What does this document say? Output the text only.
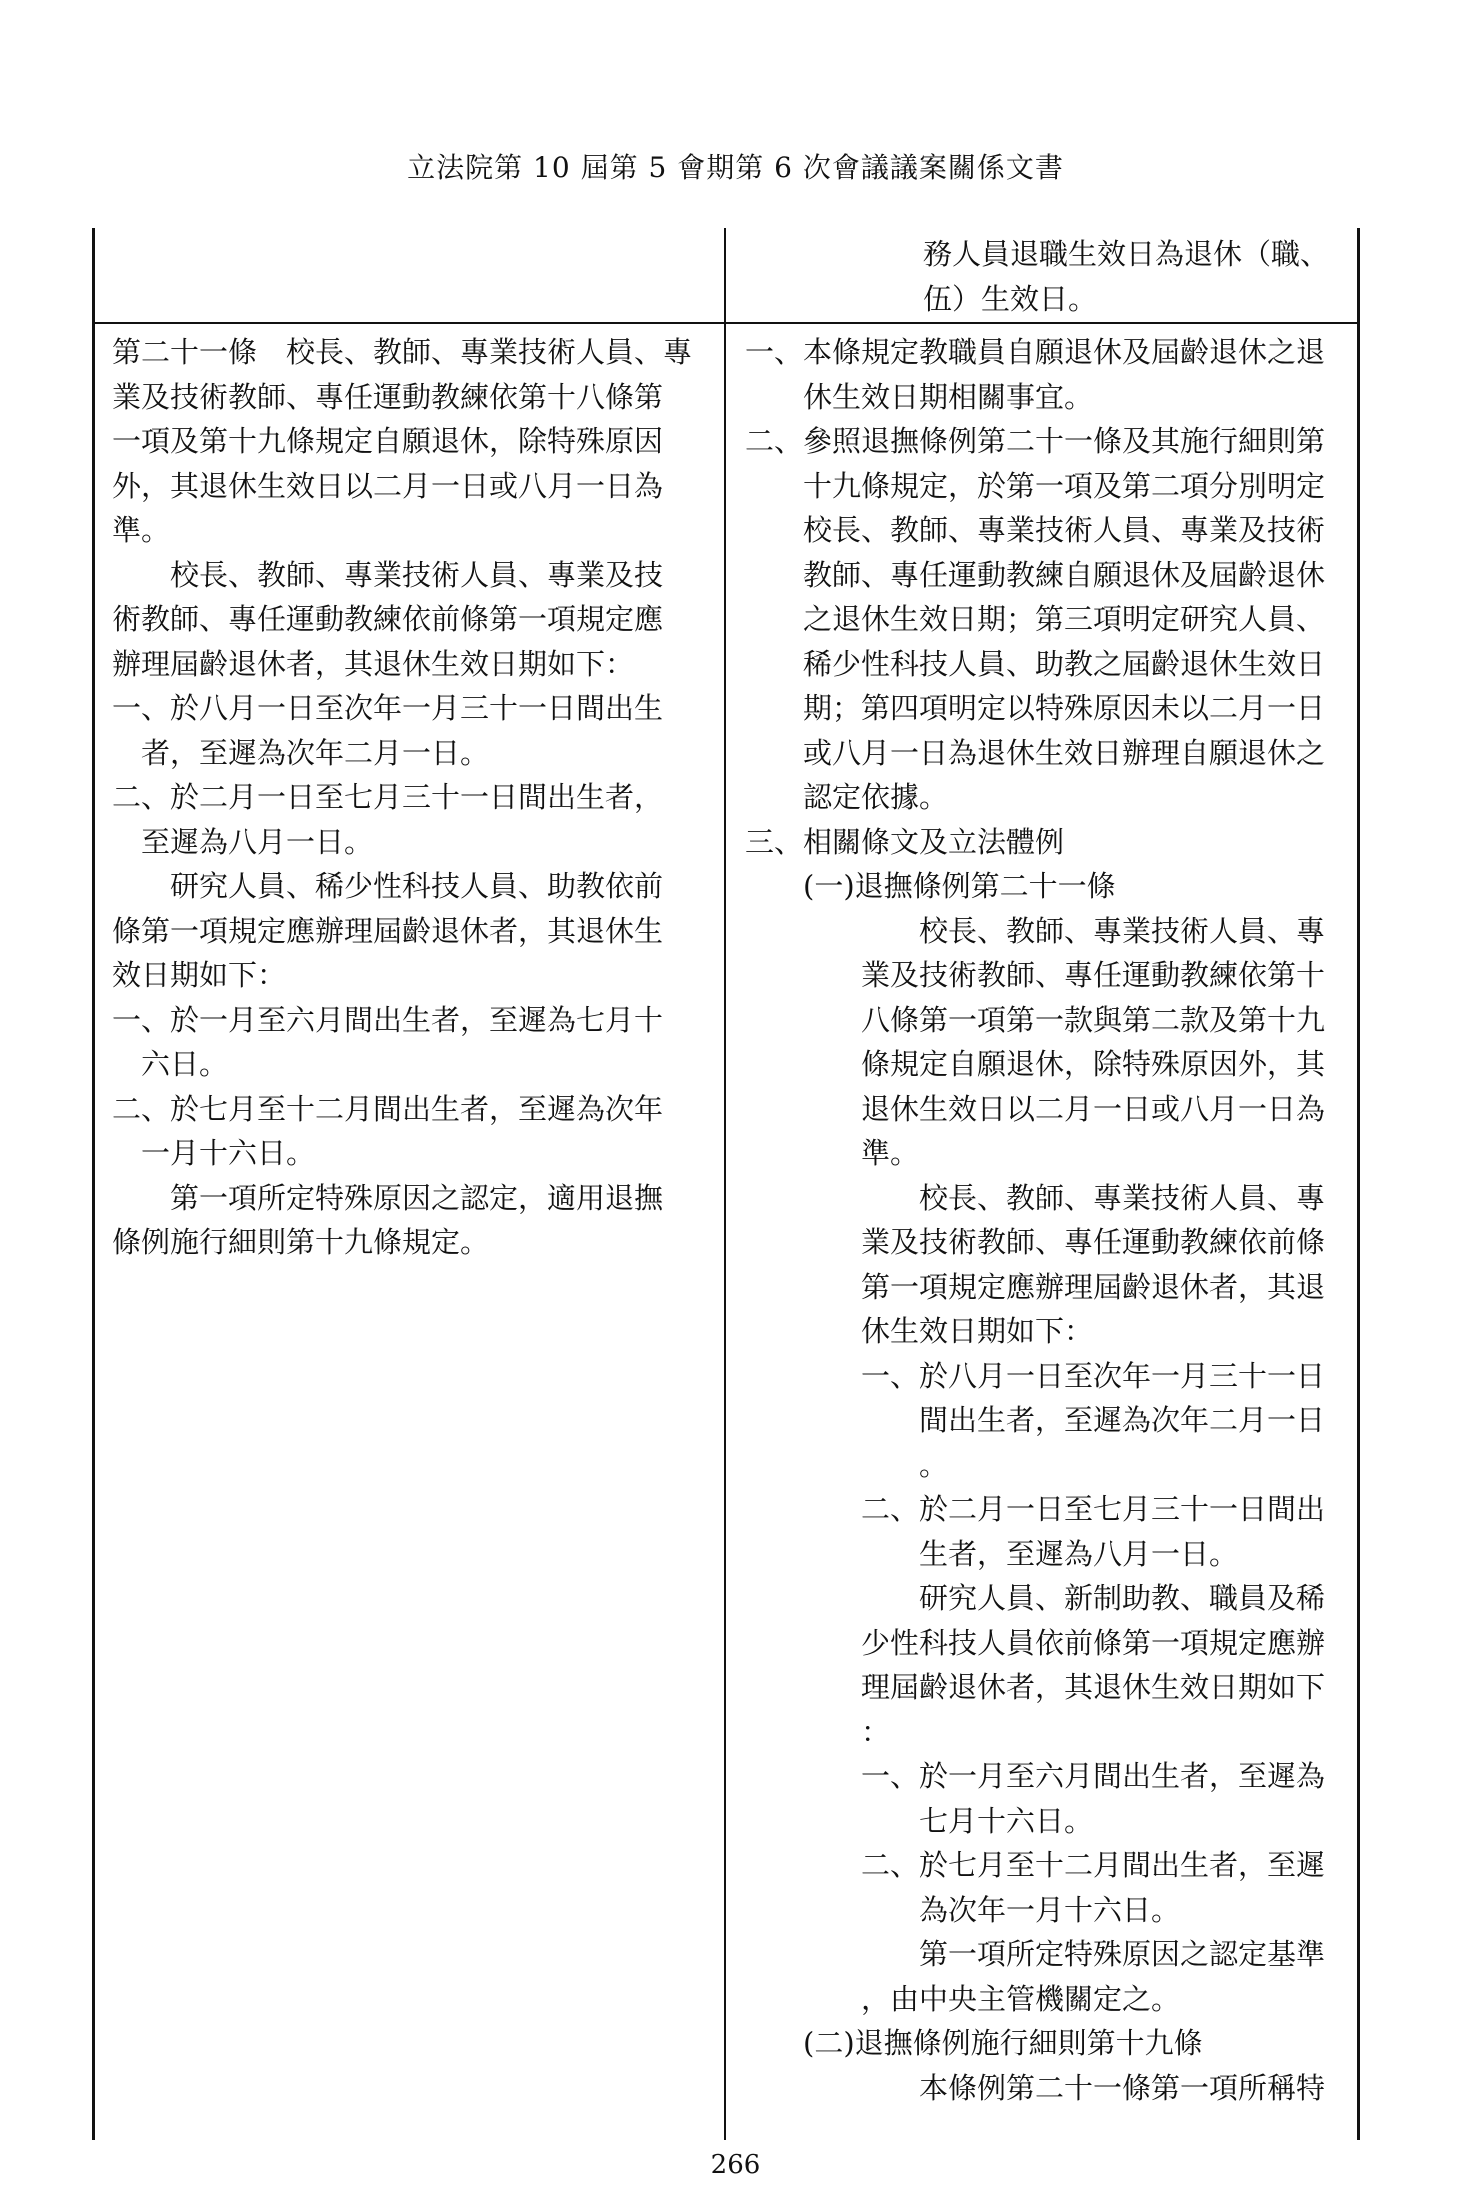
立法院第 10 屆第 5 會期第 6 次會議議案關係文書
務人員退職生效日為退休（職、
伍）生效日。
第二十一條　校長、教師、專業技術人員、專
業及技術教師、專任運動教練依第十八條第
一項及第十九條規定自願退休，除特殊原因
外，其退休生效日以二月一日或八月一日為
準。
　　校長、教師、專業技術人員、專業及技
術教師、專任運動教練依前條第一項規定應
辦理屆齡退休者，其退休生效日期如下：
一、於八月一日至次年一月三十一日間出生
　者，至遲為次年二月一日。
二、於二月一日至七月三十一日間出生者，
　至遲為八月一日。
　　研究人員、稀少性科技人員、助教依前
條第一項規定應辦理屆齡退休者，其退休生
效日期如下：
一、於一月至六月間出生者，至遲為七月十
　六日。
二、於七月至十二月間出生者，至遲為次年
　一月十六日。
　　第一項所定特殊原因之認定，適用退撫
條例施行細則第十九條規定。
一、本條規定教職員自願退休及屆齡退休之退
　　休生效日期相關事宜。
二、參照退撫條例第二十一條及其施行細則第
　　十九條規定，於第一項及第二項分別明定
　　校長、教師、專業技術人員、專業及技術
　　教師、專任運動教練自願退休及屆齡退休
　　之退休生效日期；第三項明定研究人員、
　　稀少性科技人員、助教之屆齡退休生效日
　　期；第四項明定以特殊原因未以二月一日
　　或八月一日為退休生效日辦理自願退休之
　　認定依據。
三、相關條文及立法體例
　　(一)退撫條例第二十一條
　　　　　　校長、教師、專業技術人員、專
　　　　業及技術教師、專任運動教練依第十
　　　　八條第一項第一款與第二款及第十九
　　　　條規定自願退休，除特殊原因外，其
　　　　退休生效日以二月一日或八月一日為
　　　　準。
　　　　　　校長、教師、專業技術人員、專
　　　　業及技術教師、專任運動教練依前條
　　　　第一項規定應辦理屆齡退休者，其退
　　　　休生效日期如下：
　　　　一、於八月一日至次年一月三十一日
　　　　　　間出生者，至遲為次年二月一日
　　　　　　。
　　　　二、於二月一日至七月三十一日間出
　　　　　　生者，至遲為八月一日。
　　　　　　研究人員、新制助教、職員及稀
　　　　少性科技人員依前條第一項規定應辦
　　　　理屆齡退休者，其退休生效日期如下
　　　　：
　　　　一、於一月至六月間出生者，至遲為
　　　　　　七月十六日。
　　　　二、於七月至十二月間出生者，至遲
　　　　　　為次年一月十六日。
　　　　　　第一項所定特殊原因之認定基準
　　　　，由中央主管機關定之。
　　(二)退撫條例施行細則第十九條
　　　　　　本條例第二十一條第一項所稱特
266
